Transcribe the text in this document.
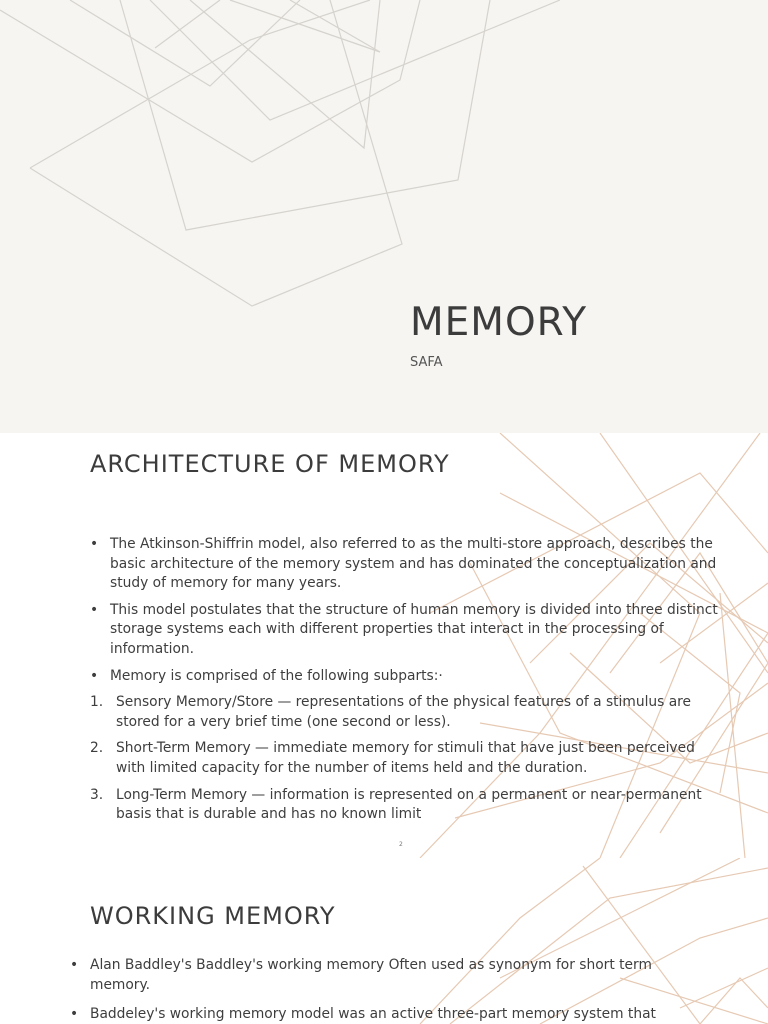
MEMORY
SAFA
ARCHITECTURE OF MEMORY
• The Atkinson-Shiffrin model, also referred to as the multi-store approach, describes the basic architecture of the memory system and has dominated the conceptualization and study of memory for many years.
• This model postulates that the structure of human memory is divided into three distinct storage systems each with different properties that interact in the processing of information.
• Memory is comprised of the following subparts:·
1. Sensory Memory/Store — representations of the physical features of a stimulus are stored for a very brief time (one second or less).
2. Short-Term Memory — immediate memory for stimuli that have just been perceived with limited capacity for the number of items held and the duration.
3. Long-Term Memory — information is represented on a permanent or near-permanent basis that is durable and has no known limit
2
WORKING MEMORY
• Alan Baddley's Baddley's working memory Often used as synonym for short term memory.
• Baddeley's working memory model was an active three-part memory system that
